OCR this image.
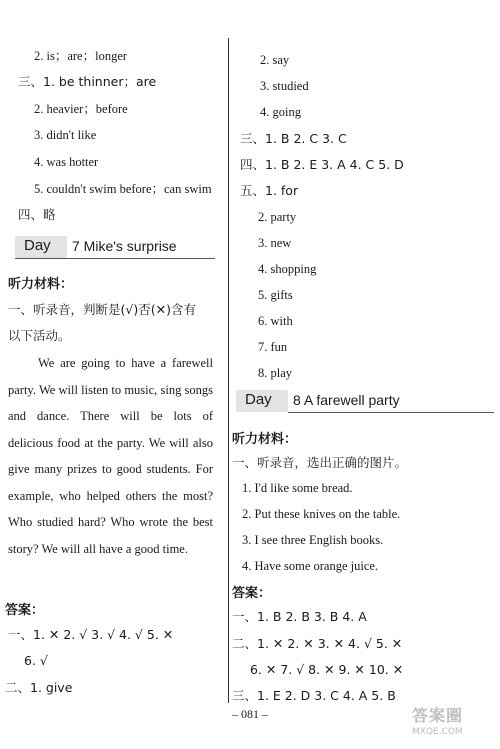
2. is；are；longer
三、1. be thinner；are
2. heavier；before
3. didn't like
4. was hotter
5. couldn't swim before；can swim
四、略
Day 7 Mike's surprise
听力材料：
一、听录音，判断是(√)否(✕)含有
以下活动。
We are going to have a farewell party. We will listen to music, sing songs and dance. There will be lots of delicious food at the party. We will also give many prizes to good students. For example, who helped others the most? Who studied hard? Who wrote the best story? We will all have a good time.
答案：
一、1. ✕ 2. √ 3. √ 4. √ 5. ✕
6. √
二、1. give
2. say
3. studied
4. going
三、1. B 2. C 3. C
四、1. B 2. E 3. A 4. C 5. D
五、1. for
2. party
3. new
4. shopping
5. gifts
6. with
7. fun
8. play
Day 8 A farewell party
听力材料：
一、听录音，选出正确的图片。
1. I'd like some bread.
2. Put these knives on the table.
3. I see three English books.
4. Have some orange juice.
答案：
一、1. B 2. B 3. B 4. A
二、1. ✕ 2. ✕ 3. ✕ 4. √ 5. ✕
6. ✕ 7. √ 8. ✕ 9. ✕ 10. ✕
三、1. E 2. D 3. C 4. A 5. B
– 081 –	答案圈
MXQE.COM
